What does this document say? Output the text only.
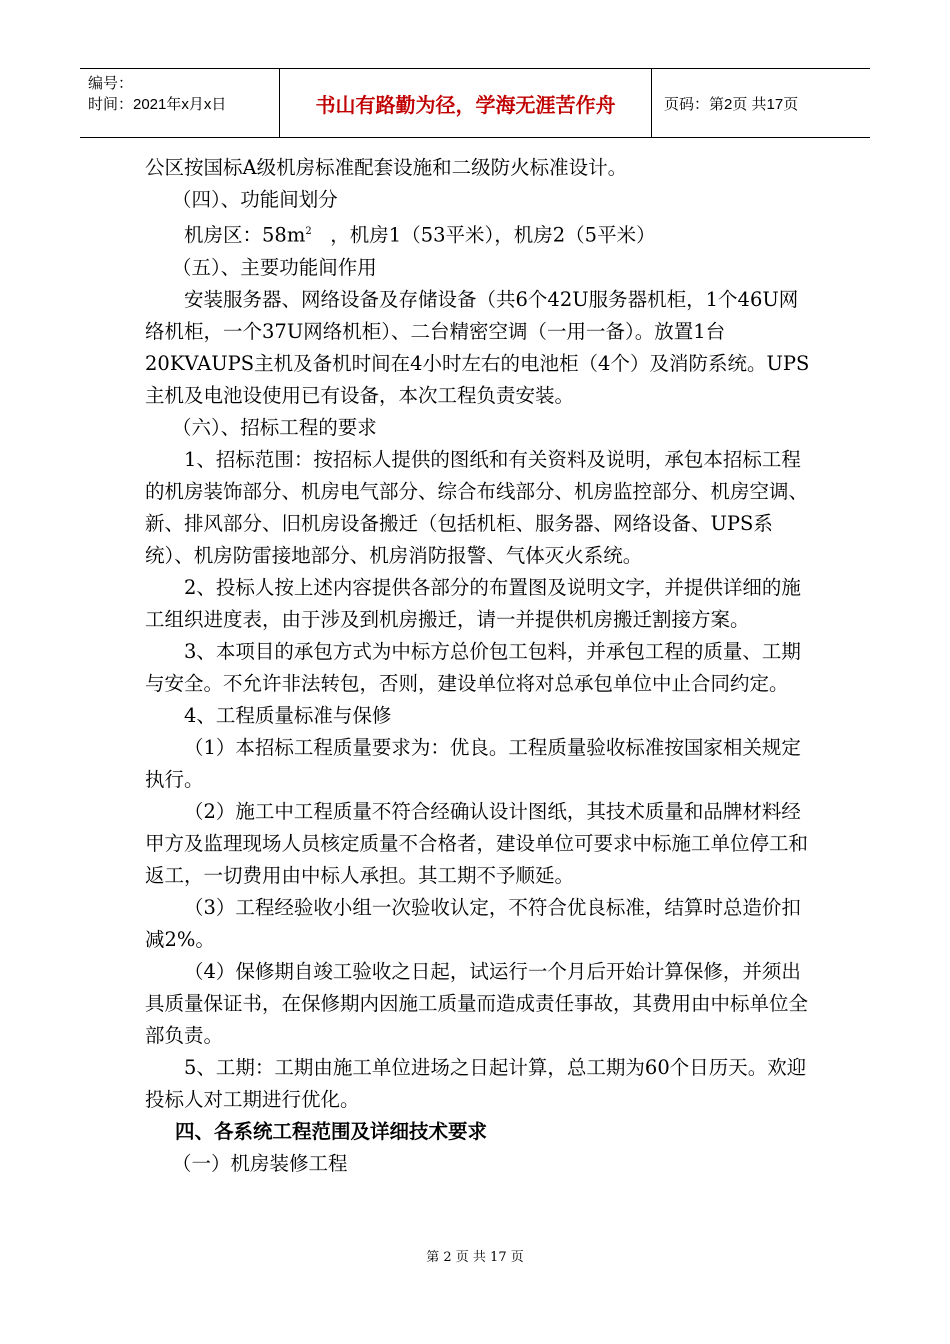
编号：
时间：2021年x月x日	书山有路勤为径，学海无涯苦作舟	页码：第2页 共17页

公区按国标A级机房标准配套设施和二级防火标准设计。

（四）、功能间划分

机房区：$58m^2$ ，机房1（53平米），机房2（5平米）

（五）、主要功能间作用

安装服务器、网络设备及存储设备（共6个42U服务器机柜，1个46U网络机柜，一个37U网络机柜）、二台精密空调（一用一备）。放置1台20KVAUPS主机及备机时间在4小时左右的电池柜（4个）及消防系统。UPS主机及电池设使用已有设备，本次工程负责安装。

（六）、招标工程的要求

1、招标范围：按招标人提供的图纸和有关资料及说明，承包本招标工程的机房装饰部分、机房电气部分、综合布线部分、机房监控部分、机房空调、新、排风部分、旧机房设备搬迁（包括机柜、服务器、网络设备、UPS系统）、机房防雷接地部分、机房消防报警、气体灭火系统。

2、投标人按上述内容提供各部分的布置图及说明文字，并提供详细的施工组织进度表，由于涉及到机房搬迁，请一并提供机房搬迁割接方案。

3、本项目的承包方式为中标方总价包工包料，并承包工程的质量、工期与安全。不允许非法转包，否则，建设单位将对总承包单位中止合同约定。

4、工程质量标准与保修

（1）本招标工程质量要求为：优良。工程质量验收标准按国家相关规定执行。

（2）施工中工程质量不符合经确认设计图纸，其技术质量和品牌材料经甲方及监理现场人员核定质量不合格者，建设单位可要求中标施工单位停工和返工，一切费用由中标人承担。其工期不予顺延。

（3）工程经验收小组一次验收认定，不符合优良标准，结算时总造价扣减2%。

（4）保修期自竣工验收之日起，试运行一个月后开始计算保修，并须出具质量保证书，在保修期内因施工质量而造成责任事故，其费用由中标单位全部负责。

5、工期：工期由施工单位进场之日起计算，总工期为60个日历天。欢迎投标人对工期进行优化。

四、各系统工程范围及详细技术要求

（一）机房装修工程

第 2 页 共 17 页
